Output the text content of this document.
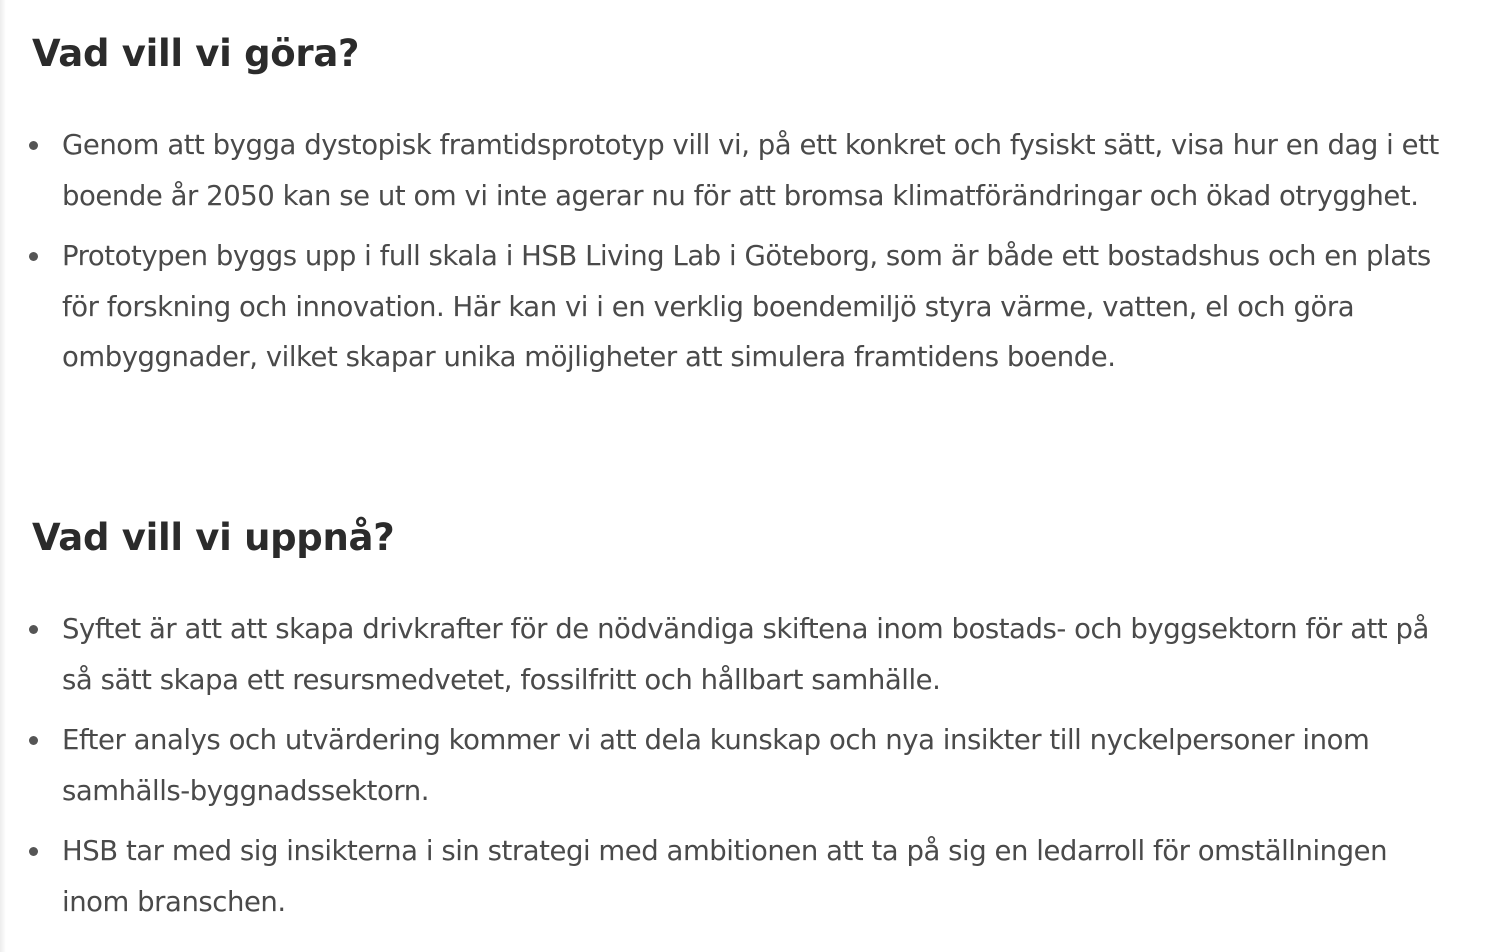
Vad vill vi göra?
Genom att bygga dystopisk framtidsprototyp vill vi, på ett konkret och fysiskt sätt, visa hur en dag i ett boende år 2050 kan se ut om vi inte agerar nu för att bromsa klimatförändringar och ökad otrygghet.
Prototypen byggs upp i full skala i HSB Living Lab i Göteborg, som är både ett bostadshus och en plats för forskning och innovation. Här kan vi i en verklig boendemiljö styra värme, vatten, el och göra ombyggnader, vilket skapar unika möjligheter att simulera framtidens boende.
Vad vill vi uppnå?
Syftet är att att skapa drivkrafter för de nödvändiga skiftena inom bostads- och byggsektorn för att på så sätt skapa ett resursmedvetet, fossilfritt och hållbart samhälle.
Efter analys och utvärdering kommer vi att dela kunskap och nya insikter till nyckelpersoner inom samhälls-byggnadssektorn.
HSB tar med sig insikterna i sin strategi med ambitionen att ta på sig en ledarroll för omställningen inom branschen.
